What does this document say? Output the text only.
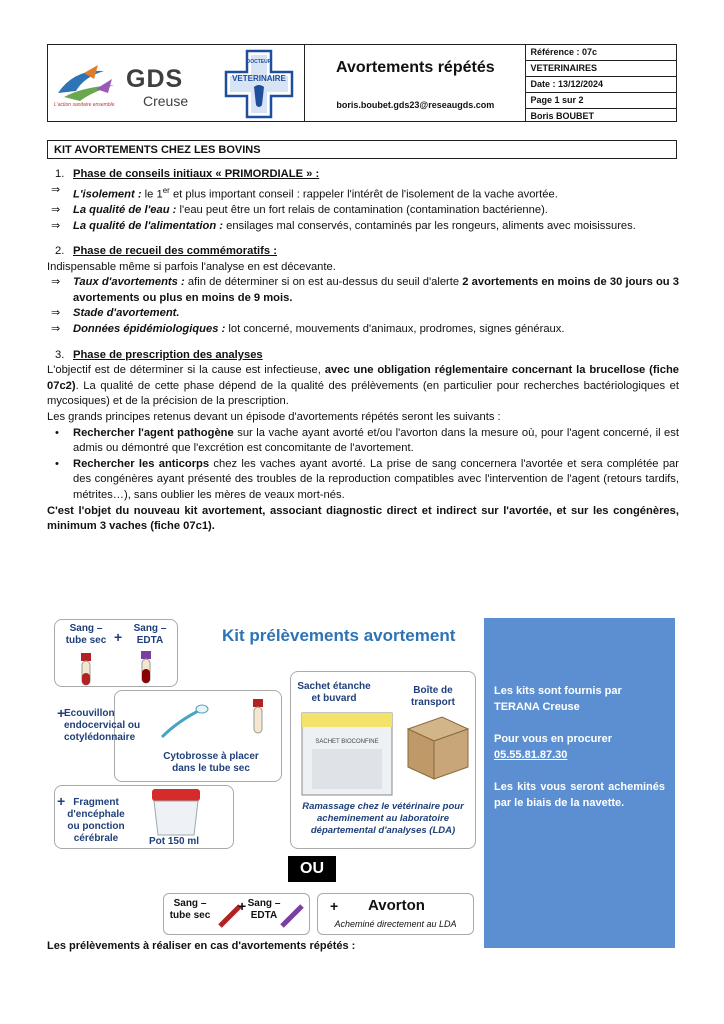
GDS
Creuse
L'action sanitaire ensemble
DOCTEUR
VETERINAIRE
Avortements répétés
boris.boubet.gds23@reseaugds.com
Référence : 07c
VETERINAIRES
Date : 13/12/2024
Page 1 sur 2
Boris BOUBET
KIT AVORTEMENTS CHEZ LES BOVINS
1. Phase de conseils initiaux « PRIMORDIALE » :
⇒	L'isolement : le 1er et plus important conseil : rappeler l'intérêt de l'isolement de la vache avortée.
⇒	La qualité de l'eau : l'eau peut être un fort relais de contamination (contamination bactérienne).
⇒	La qualité de l'alimentation : ensilages mal conservés, contaminés par les rongeurs, aliments avec moisissures.
2. Phase de recueil des commémoratifs :

Indispensable même si parfois l'analyse en est décevante.

⇒	Taux d'avortements : afin de déterminer si on est au-dessus du seuil d'alerte 2 avortements en moins de 30 jours ou 3 avortements ou plus en moins de 9 mois.
⇒	Stade d'avortement.
⇒	Données épidémiologiques : lot concerné, mouvements d'animaux, prodromes, signes généraux.
3. Phase de prescription des analyses

L'objectif est de déterminer si la cause est infectieuse, avec une obligation réglementaire concernant la brucellose (fiche 07c2). La qualité de cette phase dépend de la qualité des prélèvements (en particulier pour recherches bactériologiques et mycosiques) et de la précision de la prescription.

Les grands principes retenus devant un épisode d'avortements répétés seront les suivants :

•	Rechercher l'agent pathogène sur la vache ayant avorté et/ou l'avorton dans la mesure où, pour l'agent concerné, il est admis ou démontré que l'excrétion est concomitante de l'avortement.
•	Rechercher les anticorps chez les vaches ayant avorté. La prise de sang concernera l'avortée et sera complétée par des congénères ayant présenté des troubles de la reproduction compatibles avec l'intervention de l'agent (retours tardifs, métrites…), sans oublier les mères de veaux mort-nés.

C'est l'objet du nouveau kit avortement, associant diagnostic direct et indirect sur l'avortée, et sur les congénères, minimum 3 vaches (fiche 07c1).

Kit prélèvements avortement
Sang – tube sec +
Sang – EDTA
+
Ecouvillon endocervical ou cotylédonnaire
Cytobrosse à placer dans le tube sec
+ Fragment d'encéphale ou ponction cérébrale	Pot 150 ml
Sachet étanche et buvard
Boîte de transport
SACHET BIOCONFINE
Ramassage chez le vétérinaire pour acheminement au laboratoire départemental d'analyses (LDA)

Les kits sont fournis par TERANA Creuse

Pour vous en procurer
05.55.81.87.30

Les kits vous seront acheminés par le biais de la navette.

OU
Sang – tube sec
+ Sang – EDTA
+ Avorton
Acheminé directement au LDA
Les prélèvements à réaliser en cas d'avortements répétés :
